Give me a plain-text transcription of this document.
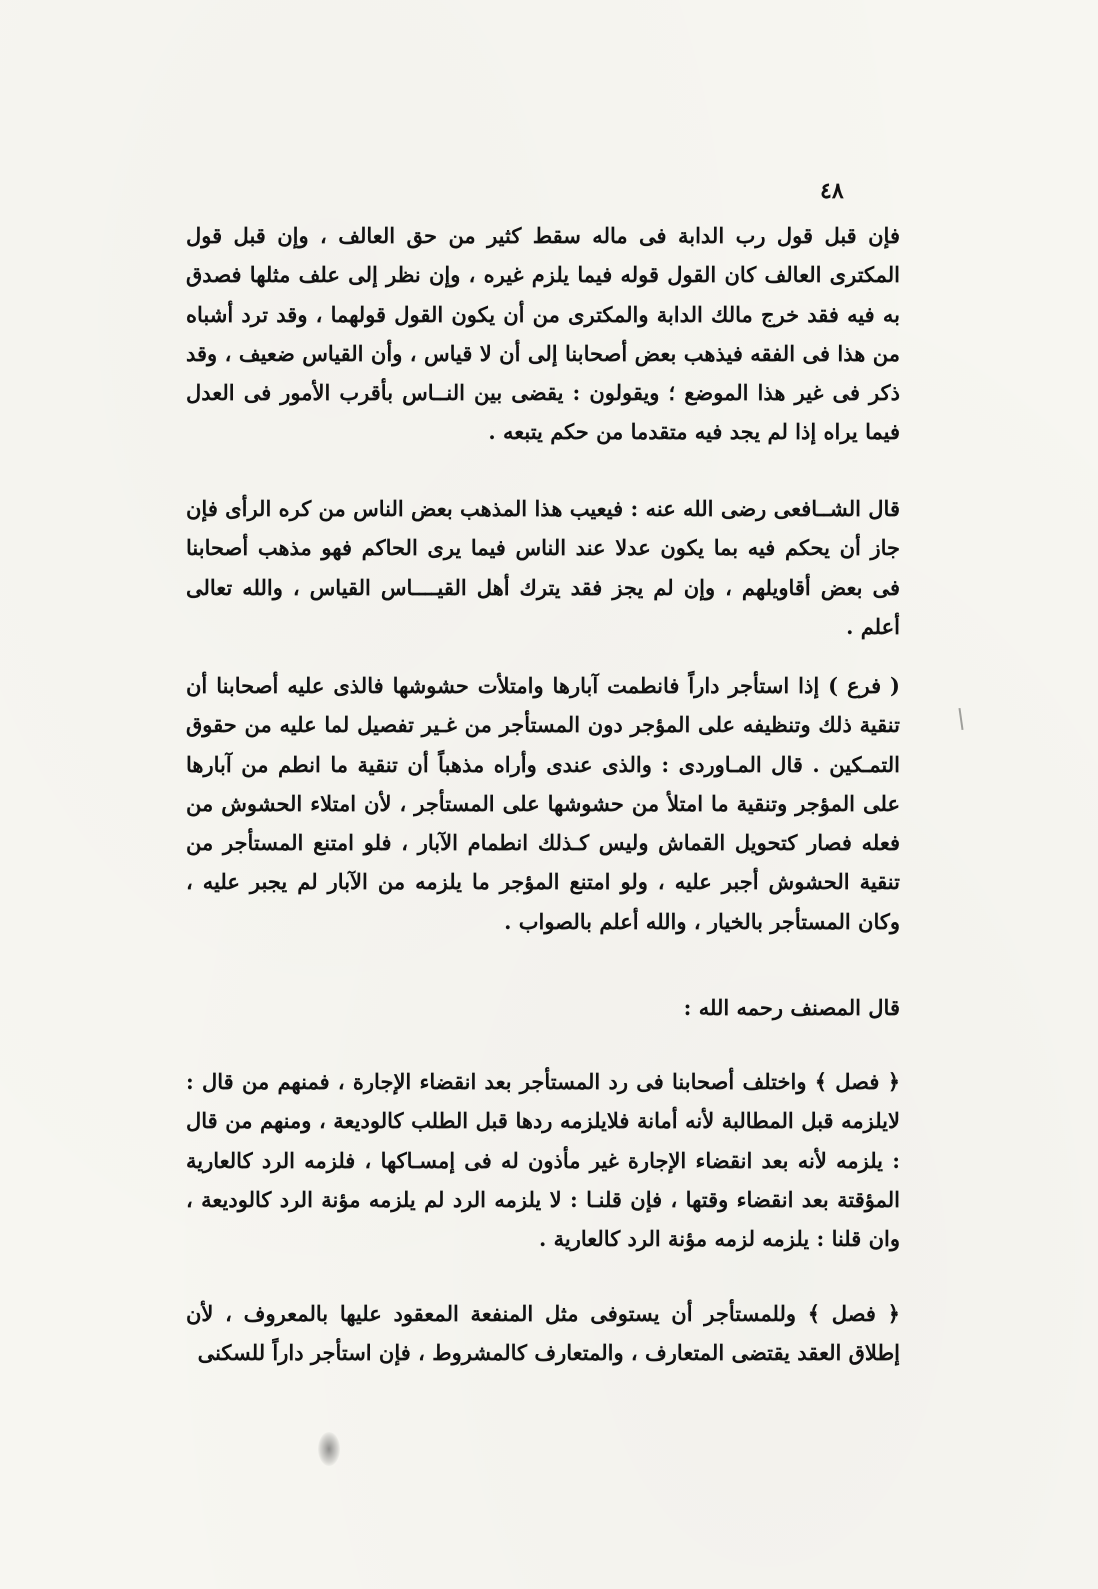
٤٨
فإن قبل قول رب الدابة فى ماله سقط كثير من حق العالف ، وإن قبل قول المكترى العالف كان القول قوله فيما يلزم غيره ، وإن نظر إلى علف مثلها فصدق به فيه فقد خرج مالك الدابة والمكترى من أن يكون القول قولهما ، وقد ترد أشباه من هذا فى الفقه فيذهب بعض أصحابنا إلى أن لا قياس ، وأن القياس ضعيف ، وقد ذكر فى غير هذا الموضع ؛ ويقولون : يقضى بين النــاس بأقرب الأمور فى العدل فيما يراه إذا لم يجد فيه متقدما من حكم يتبعه .
قال الشــافعى رضى الله عنه : فيعيب هذا المذهب بعض الناس من كره الرأى فإن جاز أن يحكم فيه بما يكون عدلا عند الناس فيما يرى الحاكم فهو مذهب أصحابنا فى بعض أقاويلهم ، وإن لم يجز فقد يترك أهل القيــــاس القياس ، والله تعالى أعلم .
( فرع ) إذا استأجر داراً فانطمت آبارها وامتلأت حشوشها فالذى عليه أصحابنا أن تنقية ذلك وتنظيفه على المؤجر دون المستأجر من غـير تفصيل لما عليه من حقوق التمـكين . قال المـاوردى : والذى عندى وأراه مذهباً أن تنقية ما انطم من آبارها على المؤجر وتنقية ما امتلأ من حشوشها على المستأجر ، لأن امتلاء الحشوش من فعله فصار كتحويل القماش وليس كـذلك انطمام الآبار ، فلو امتنع المستأجر من تنقية الحشوش أجبر عليه ، ولو امتنع المؤجر ما يلزمه من الآبار لم يجبر عليه ، وكان المستأجر بالخيار ، والله أعلم بالصواب .
قال المصنف رحمه الله :
﴿ فصل ﴾ واختلف أصحابنا فى رد المستأجر بعد انقضاء الإجارة ، فمنهم من قال : لايلزمه قبل المطالبة لأنه أمانة فلايلزمه ردها قبل الطلب كالوديعة ، ومنهم من قال : يلزمه لأنه بعد انقضاء الإجارة غير مأذون له فى إمسـاكها ، فلزمه الرد كالعارية المؤقتة بعد انقضاء وقتها ، فإن قلنـا : لا يلزمه الرد لم يلزمه مؤنة الرد كالوديعة ، وان قلنا : يلزمه لزمه مؤنة الرد كالعارية .
﴿ فصل ﴾ وللمستأجر أن يستوفى مثل المنفعة المعقود عليها بالمعروف ، لأن إطلاق العقد يقتضى المتعارف ، والمتعارف كالمشروط ، فإن استأجر داراً للسكنى
